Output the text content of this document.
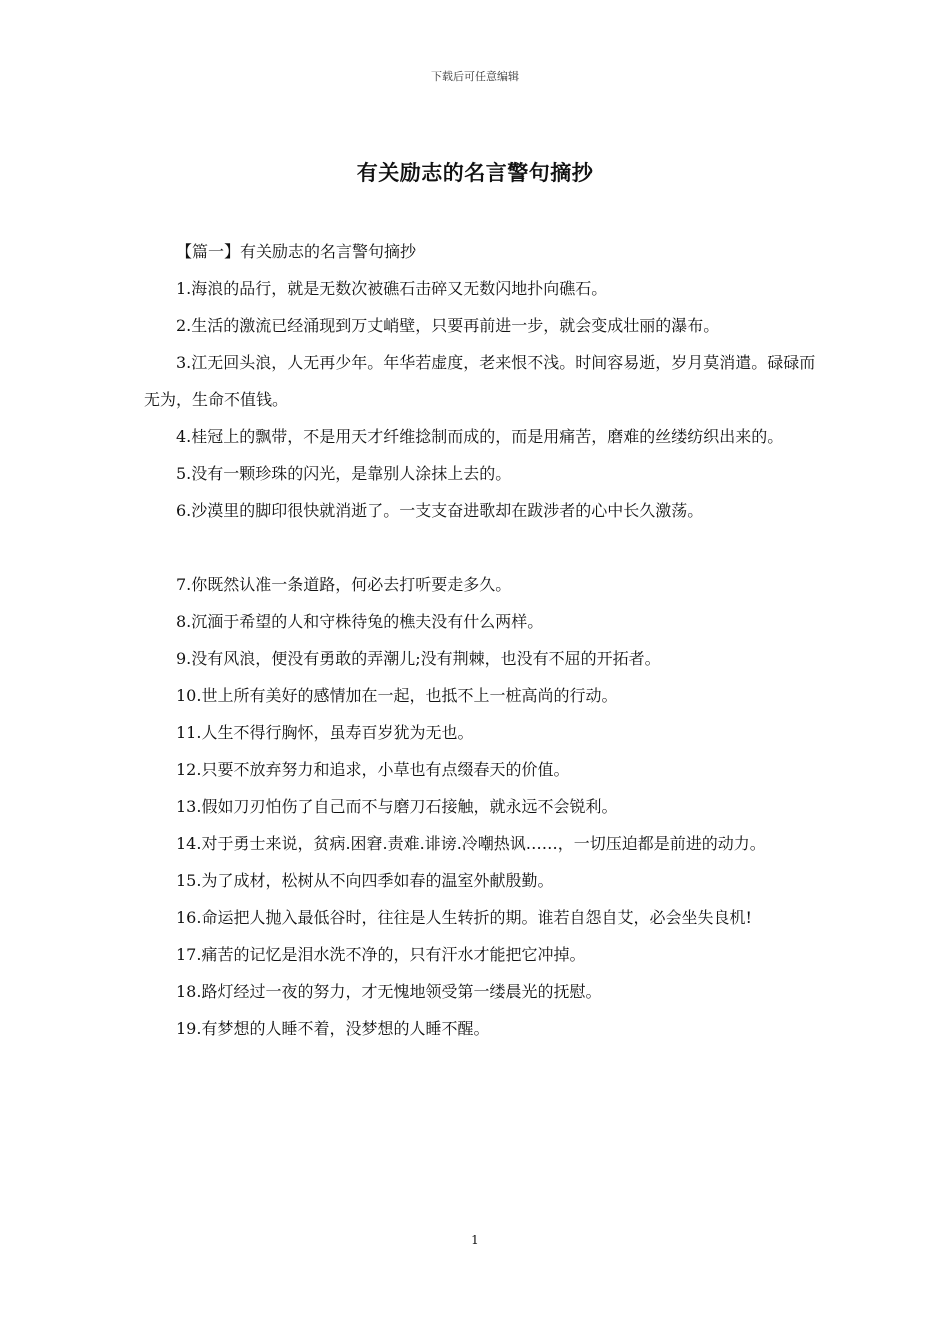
下载后可任意编辑
有关励志的名言警句摘抄

【篇一】有关励志的名言警句摘抄

1.海浪的品行，就是无数次被礁石击碎又无数闪地扑向礁石。

2.生活的激流已经涌现到万丈峭壁，只要再前进一步，就会变成壮丽的瀑布。

3.江无回头浪，人无再少年。年华若虚度，老来恨不浅。时间容易逝，岁月莫消遣。碌碌而无为，生命不值钱。

4.桂冠上的飘带，不是用天才纤维捻制而成的，而是用痛苦，磨难的丝缕纺织出来的。

5.没有一颗珍珠的闪光，是靠别人涂抹上去的。

6.沙漠里的脚印很快就消逝了。一支支奋进歌却在跋涉者的心中长久激荡。

7.你既然认准一条道路，何必去打听要走多久。

8.沉湎于希望的人和守株待兔的樵夫没有什么两样。

9.没有风浪，便没有勇敢的弄潮儿;没有荆棘，也没有不屈的开拓者。

10.世上所有美好的感情加在一起，也抵不上一桩高尚的行动。

11.人生不得行胸怀，虽寿百岁犹为无也。

12.只要不放弃努力和追求，小草也有点缀春天的价值。

13.假如刀刃怕伤了自己而不与磨刀石接触，就永远不会锐利。

14.对于勇士来说，贫病.困窘.责难.诽谤.冷嘲热讽……，一切压迫都是前进的动力。

15.为了成材，松树从不向四季如春的温室外献殷勤。

16.命运把人抛入最低谷时，往往是人生转折的期。谁若自怨自艾，必会坐失良机!

17.痛苦的记忆是泪水洗不净的，只有汗水才能把它冲掉。

18.路灯经过一夜的努力，才无愧地领受第一缕晨光的抚慰。

19.有梦想的人睡不着，没梦想的人睡不醒。

1
